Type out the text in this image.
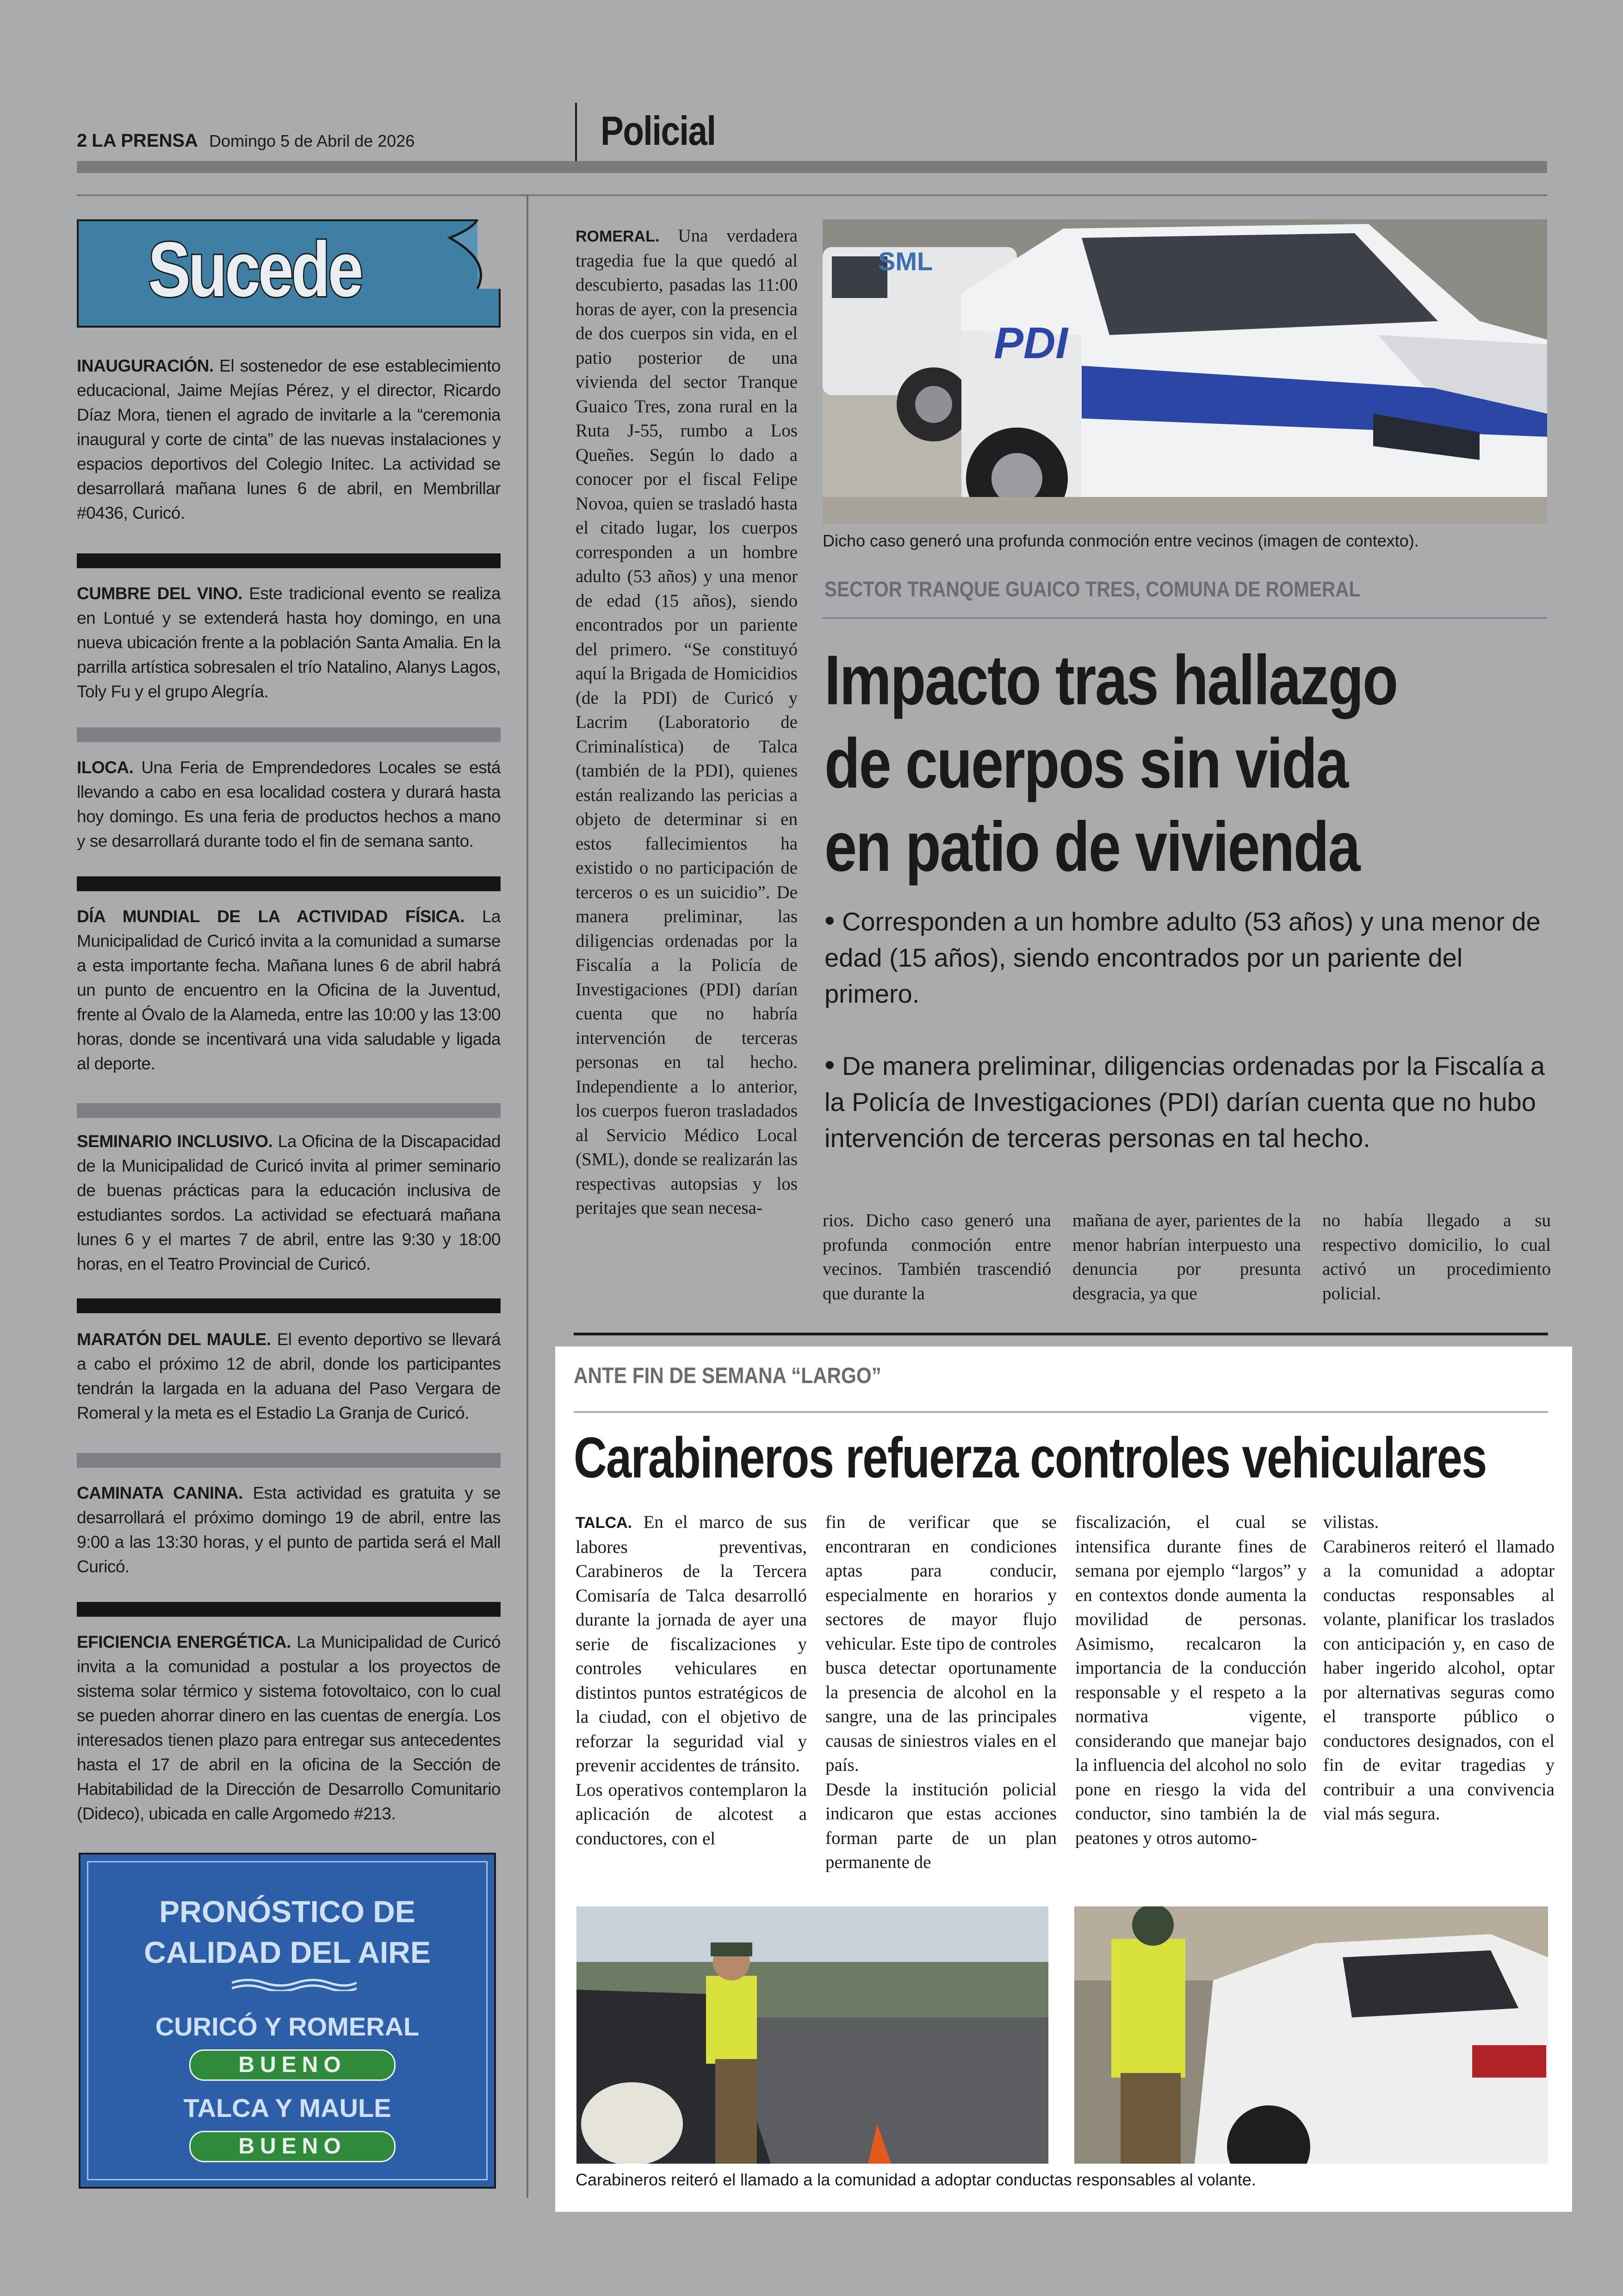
2 LA PRENSA Domingo 5 de Abril de 2026	Policial
Sucede
INAUGURACIÓN. El sostenedor de ese establecimiento educacional, Jaime Mejías Pérez, y el director, Ricardo Díaz Mora, tienen el agrado de invitarle a la “ceremonia inaugural y corte de cinta” de las nuevas instalaciones y espacios deportivos del Colegio Initec. La actividad se desarrollará mañana lunes 6 de abril, en Membrillar #0436, Curicó.
CUMBRE DEL VINO. Este tradicional evento se realiza en Lontué y se extenderá hasta hoy domingo, en una nueva ubicación frente a la población Santa Amalia. En la parrilla artística sobresalen el trío Natalino, Alanys Lagos, Toly Fu y el grupo Alegría.
ILOCA. Una Feria de Emprendedores Locales se está llevando a cabo en esa localidad costera y durará hasta hoy domingo. Es una feria de productos hechos a mano y se desarrollará durante todo el fin de semana santo.
DÍA MUNDIAL DE LA ACTIVIDAD FÍSICA. La Municipalidad de Curicó invita a la comunidad a sumarse a esta importante fecha. Mañana lunes 6 de abril habrá un punto de encuentro en la Oficina de la Juventud, frente al Óvalo de la Alameda, entre las 10:00 y las 13:00 horas, donde se incentivará una vida saludable y ligada al deporte.
SEMINARIO INCLUSIVO. La Oficina de la Discapacidad de la Municipalidad de Curicó invita al primer seminario de buenas prácticas para la educación inclusiva de estudiantes sordos. La actividad se efectuará mañana lunes 6 y el martes 7 de abril, entre las 9:30 y 18:00 horas, en el Teatro Provincial de Curicó.
MARATÓN DEL MAULE. El evento deportivo se llevará a cabo el próximo 12 de abril, donde los participantes tendrán la largada en la aduana del Paso Vergara de Romeral y la meta es el Estadio La Granja de Curicó.
CAMINATA CANINA. Esta actividad es gratuita y se desarrollará el próximo domingo 19 de abril, entre las 9:00 a las 13:30 horas, y el punto de partida será el Mall Curicó.
EFICIENCIA ENERGÉTICA. La Municipalidad de Curicó invita a la comunidad a postular a los proyectos de sistema solar térmico y sistema fotovoltaico, con lo cual se pueden ahorrar dinero en las cuentas de energía. Los interesados tienen plazo para entregar sus antecedentes hasta el 17 de abril en la oficina de la Sección de Habitabilidad de la Dirección de Desarrollo Comunitario (Dideco), ubicada en calle Argomedo #213.
PRONÓSTICO DE
CALIDAD DEL AIRE
CURICÓ Y ROMERAL
BUENO
TALCA Y MAULE
BUENO
ROMERAL. Una verdadera tragedia fue la que quedó al descubierto, pasadas las 11:00 horas de ayer, con la presencia de dos cuerpos sin vida, en el patio posterior de una vivienda del sector Tranque Guaico Tres, zona rural en la Ruta J-55, rumbo a Los Queñes. Según lo dado a conocer por el fiscal Felipe Novoa, quien se trasladó hasta el citado lugar, los cuerpos corresponden a un hombre adulto (53 años) y una menor de edad (15 años), siendo encontrados por un pariente del primero. “Se constituyó aquí la Brigada de Homicidios (de la PDI) de Curicó y Lacrim (Laboratorio de Criminalística) de Talca (también de la PDI), quienes están realizando las pericias a objeto de determinar si en estos fallecimientos ha existido o no participación de terceros o es un suicidio”. De manera preliminar, las diligencias ordenadas por la Fiscalía a la Policía de Investigaciones (PDI) darían cuenta que no habría intervención de terceras personas en tal hecho. Independiente a lo anterior, los cuerpos fueron trasladados al Servicio Médico Local (SML), donde se realizarán las respectivas autopsias y los peritajes que sean necesa-
SML
PDI
Dicho caso generó una profunda conmoción entre vecinos (imagen de contexto).
SECTOR TRANQUE GUAICO TRES, COMUNA DE ROMERAL
Impacto tras hallazgo
de cuerpos sin vida
en patio de vivienda
• Corresponden a un hombre adulto (53 años) y una menor de edad (15 años), siendo encontrados por un pariente del primero.
• De manera preliminar, diligencias ordenadas por la Fiscalía a la Policía de Investigaciones (PDI) darían cuenta que no hubo intervención de terceras personas en tal hecho.
rios. Dicho caso generó una profunda conmoción entre vecinos. También trascendió que durante la
mañana de ayer, parientes de la menor habrían interpuesto una denuncia por presunta desgracia, ya que
no había llegado a su respectivo domicilio, lo cual activó un procedimiento policial.
ANTE FIN DE SEMANA “LARGO”
Carabineros refuerza controles vehiculares
TALCA. En el marco de sus labores preventivas, Carabineros de la Tercera Comisaría de Talca desarrolló durante la jornada de ayer una serie de fiscalizaciones y controles vehiculares en distintos puntos estratégicos de la ciudad, con el objetivo de reforzar la seguridad vial y prevenir accidentes de tránsito.
Los operativos contemplaron la aplicación de alcotest a conductores, con el
fin de verificar que se encontraran en condiciones aptas para conducir, especialmente en horarios y sectores de mayor flujo vehicular. Este tipo de controles busca detectar oportunamente la presencia de alcohol en la sangre, una de las principales causas de siniestros viales en el país.
Desde la institución policial indicaron que estas acciones forman parte de un plan permanente de
fiscalización, el cual se intensifica durante fines de semana por ejemplo “largos” y en contextos donde aumenta la movilidad de personas. Asimismo, recalcaron la importancia de la conducción responsable y el respeto a la normativa vigente, considerando que manejar bajo la influencia del alcohol no solo pone en riesgo la vida del conductor, sino también la de peatones y otros automo-
vilistas.
Carabineros reiteró el llamado a la comunidad a adoptar conductas responsables al volante, planificar los traslados con anticipación y, en caso de haber ingerido alcohol, optar por alternativas seguras como el transporte público o conductores designados, con el fin de evitar tragedias y contribuir a una convivencia vial más segura.
Carabineros reiteró el llamado a la comunidad a adoptar conductas responsables al volante.
